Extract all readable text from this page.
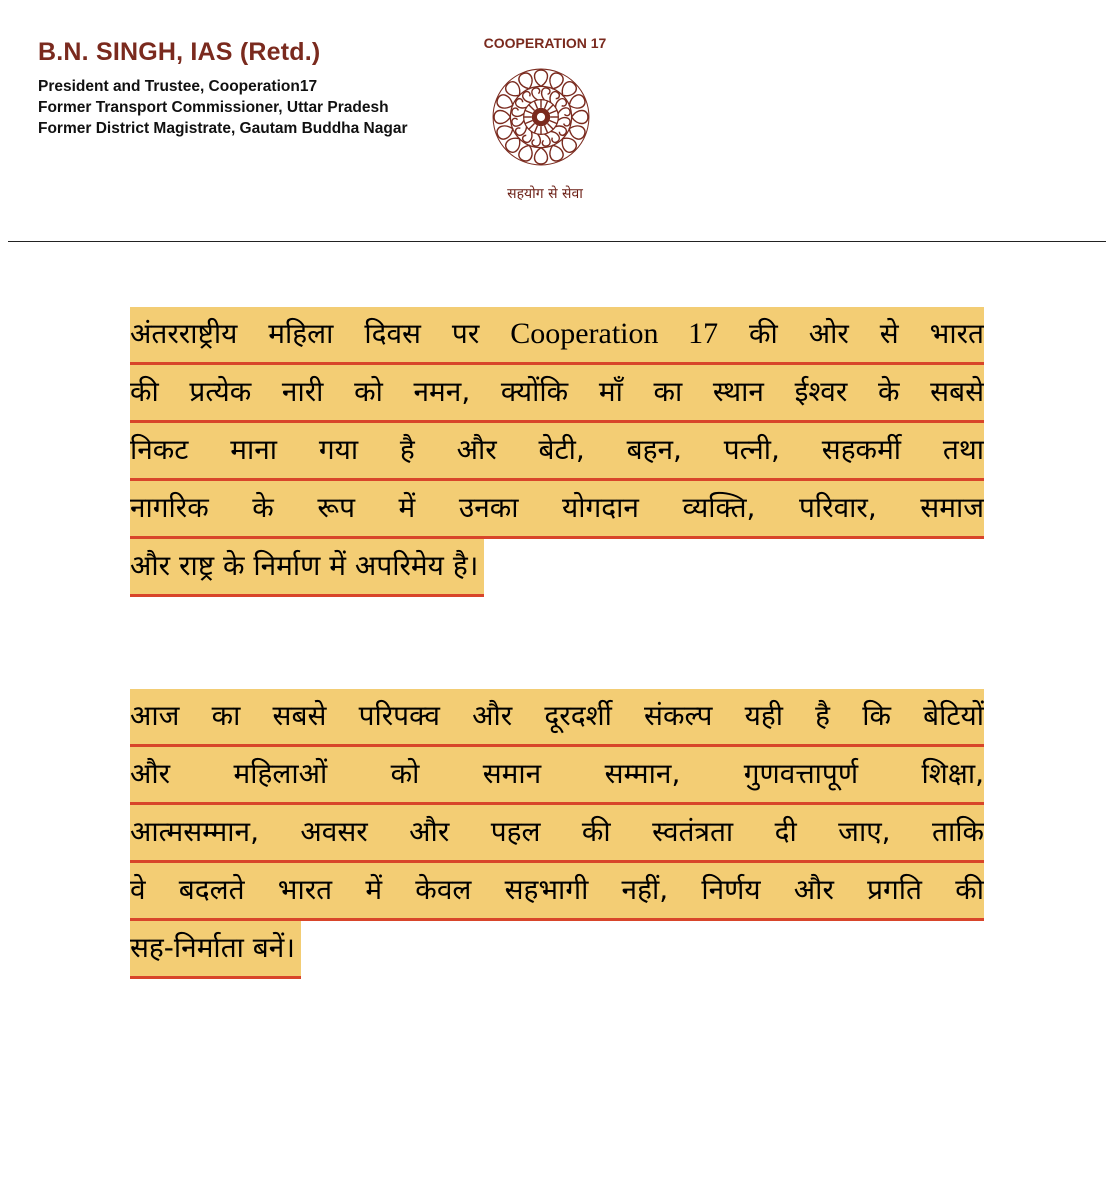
B.N. SINGH, IAS (Retd.)
President and Trustee, Cooperation17
Former Transport Commissioner, Uttar Pradesh
Former District Magistrate, Gautam Buddha Nagar
COOPERATION 17
सहयोग से सेवा
अंतरराष्ट्रीय महिला दिवस पर Cooperation 17 की ओर से भारत
की प्रत्येक नारी को नमन, क्योंकि माँ का स्थान ईश्वर के सबसे
निकट माना गया है और बेटी, बहन, पत्नी, सहकर्मी तथा
नागरिक के रूप में उनका योगदान व्यक्ति, परिवार, समाज
और राष्ट्र के निर्माण में अपरिमेय है।
आज का सबसे परिपक्व और दूरदर्शी संकल्प यही है कि बेटियों
और महिलाओं को समान सम्मान, गुणवत्तापूर्ण शिक्षा,
आत्मसम्मान, अवसर और पहल की स्वतंत्रता दी जाए, ताकि
वे बदलते भारत में केवल सहभागी नहीं, निर्णय और प्रगति की
सह-निर्माता बनें।
